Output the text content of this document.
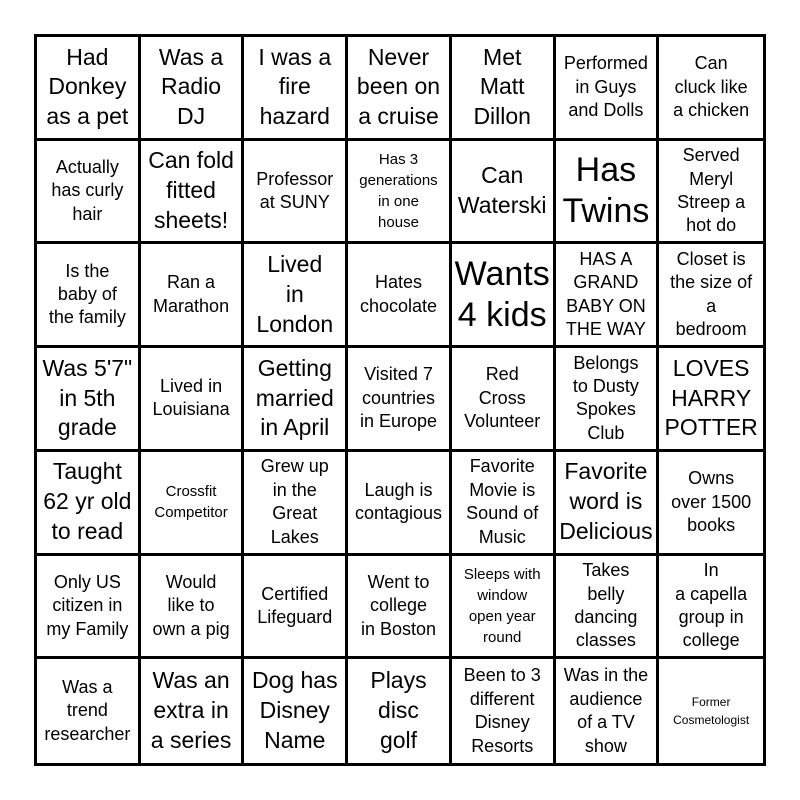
Had
Donkey
as a pet
Was a
Radio
DJ
I was a
fire
hazard
Never
been on
a cruise
Met
Matt
Dillon
Performed
in Guys
and Dolls
Can
cluck like
a chicken
Actually
has curly
hair
Can fold
fitted
sheets!
Professor
at SUNY
Has 3
generations
in one
house
Can
Waterski
Has
Twins
Served
Meryl
Streep a
hot do
Is the
baby of
the family
Ran a
Marathon
Lived
in
London
Hates
chocolate
Wants
4 kids
HAS A
GRAND
BABY ON
THE WAY
Closet is
the size of
a
bedroom
Was 5'7"
in 5th
grade
Lived in
Louisiana
Getting
married
in April
Visited 7
countries
in Europe
Red
Cross
Volunteer
Belongs
to Dusty
Spokes
Club
LOVES
HARRY
POTTER
Taught
62 yr old
to read
Crossfit
Competitor
Grew up
in the
Great
Lakes
Laugh is
contagious
Favorite
Movie is
Sound of
Music
Favorite
word is
Delicious
Owns
over 1500
books
Only US
citizen in
my Family
Would
like to
own a pig
Certified
Lifeguard
Went to
college
in Boston
Sleeps with
window
open year
round
Takes
belly
dancing
classes
In
a capella
group in
college
Was a
trend
researcher
Was an
extra in
a series
Dog has
Disney
Name
Plays
disc
golf
Been to 3
different
Disney
Resorts
Was in the
audience
of a TV
show
Former
Cosmetologist
